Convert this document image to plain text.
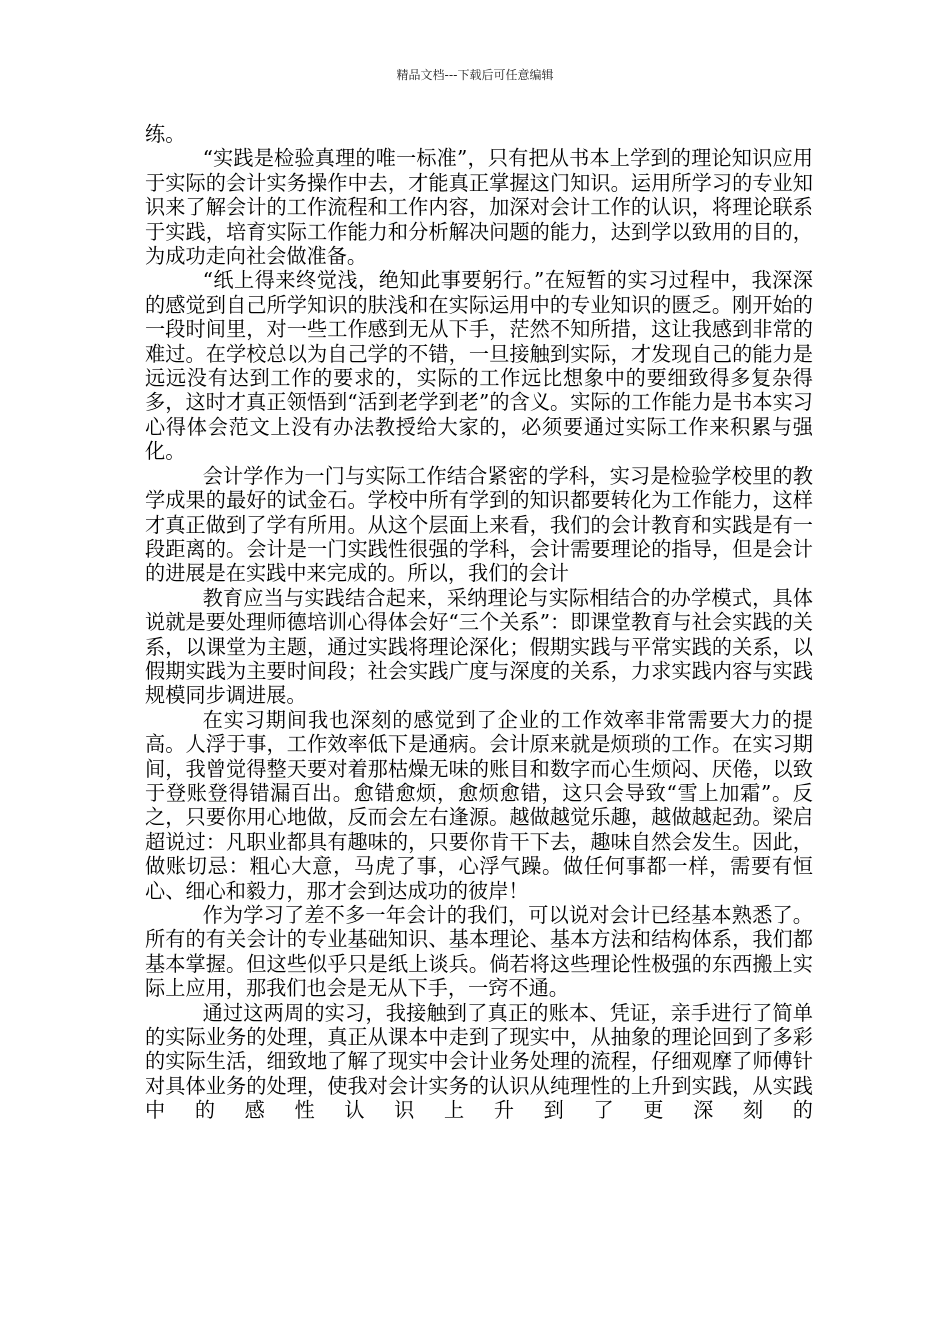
精品文档---下载后可任意编辑

练。

“实践是检验真理的唯一标准”，只有把从书本上学到的理论知识应用于实际的会计实务操作中去，才能真正掌握这门知识。运用所学习的专业知识来了解会计的工作流程和工作内容，加深对会计工作的认识，将理论联系于实践，培育实际工作能力和分析解决问题的能力，达到学以致用的目的，为成功走向社会做准备。

“纸上得来终觉浅，绝知此事要躬行。”在短暂的实习过程中，我深深的感觉到自己所学知识的肤浅和在实际运用中的专业知识的匮乏。刚开始的一段时间里，对一些工作感到无从下手，茫然不知所措，这让我感到非常的难过。在学校总以为自己学的不错，一旦接触到实际，才发现自己的能力是远远没有达到工作的要求的，实际的工作远比想象中的要细致得多复杂得多，这时才真正领悟到“活到老学到老”的含义。实际的工作能力是书本实习心得体会范文上没有办法教授给大家的，必须要通过实际工作来积累与强化。

会计学作为一门与实际工作结合紧密的学科，实习是检验学校里的教学成果的最好的试金石。学校中所有学到的知识都要转化为工作能力，这样才真正做到了学有所用。从这个层面上来看，我们的会计教育和实践是有一段距离的。会计是一门实践性很强的学科，会计需要理论的指导，但是会计的进展是在实践中来完成的。所以，我们的会计

教育应当与实践结合起来，采纳理论与实际相结合的办学模式，具体说就是要处理师德培训心得体会好“三个关系”：即课堂教育与社会实践的关系，以课堂为主题，通过实践将理论深化；假期实践与平常实践的关系，以假期实践为主要时间段；社会实践广度与深度的关系，力求实践内容与实践规模同步调进展。

在实习期间我也深刻的感觉到了企业的工作效率非常需要大力的提高。人浮于事，工作效率低下是通病。会计原来就是烦琐的工作。在实习期间，我曾觉得整天要对着那枯燥无味的账目和数字而心生烦闷、厌倦，以致于登账登得错漏百出。愈错愈烦，愈烦愈错，这只会导致“雪上加霜”。反之，只要你用心地做，反而会左右逢源。越做越觉乐趣，越做越起劲。梁启超说过：凡职业都具有趣味的，只要你肯干下去，趣味自然会发生。因此，做账切忌：粗心大意，马虎了事，心浮气躁。做任何事都一样，需要有恒心、细心和毅力，那才会到达成功的彼岸！

作为学习了差不多一年会计的我们，可以说对会计已经基本熟悉了。所有的有关会计的专业基础知识、基本理论、基本方法和结构体系，我们都基本掌握。但这些似乎只是纸上谈兵。倘若将这些理论性极强的东西搬上实际上应用，那我们也会是无从下手，一窍不通。

通过这两周的实习，我接触到了真正的账本、凭证，亲手进行了简单的实际业务的处理，真正从课本中走到了现实中，从抽象的理论回到了多彩的实际生活，细致地了解了现实中会计业务处理的流程，仔细观摩了师傅针对具体业务的处理，使我对会计实务的认识从纯理性的上升到实践，从实践中的感性认识上升到了更深刻的
